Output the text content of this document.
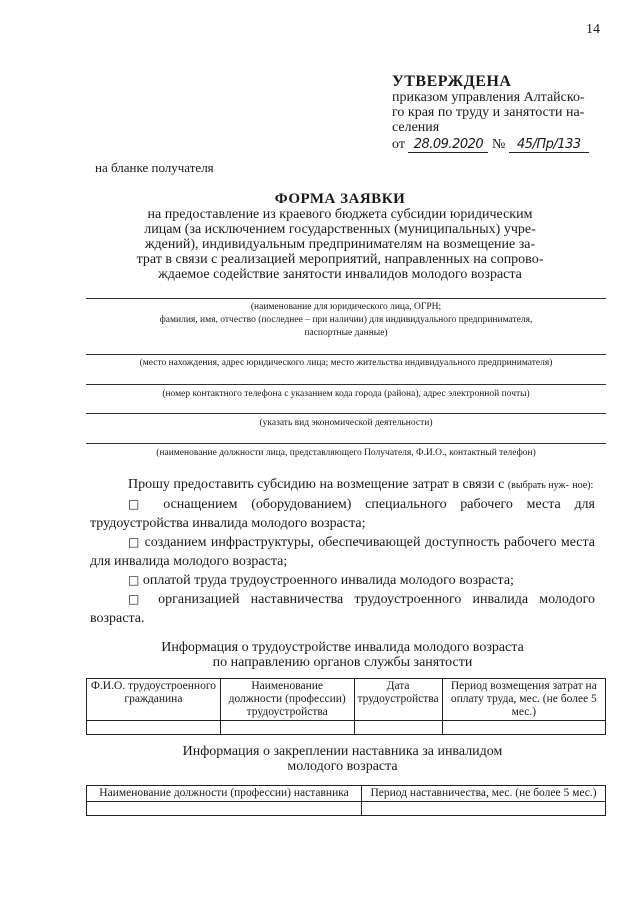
14
УТВЕРЖДЕНА
приказом управления Алтайско-
го края по труду и занятости на-
селения
от 28.09.2020 № 45/Пр/133
на бланке получателя
ФОРМА ЗАЯВКИ
на предоставление из краевого бюджета субсидии юридическим
лицам (за исключением государственных (муниципальных) учре-
ждений), индивидуальным предпринимателям на возмещение за-
трат в связи с реализацией мероприятий, направленных на сопрово-
ждаемое содействие занятости инвалидов молодого возраста
(наименование для юридического лица, ОГРН;
фамилия, имя, отчество (последнее – при наличии) для индивидуального предпринимателя,
паспортные данные)
(место нахождения, адрес юридического лица; место жительства индивидуального предпринимателя)
(номер контактного телефона с указанием кода города (района), адрес электронной почты)
(указать вид экономической деятельности)
(наименование должности лица, представляющего Получателя, Ф.И.О., контактный телефон)
Прошу предоставить субсидию на возмещение затрат в связи с (выбрать нуж- ное):
□ оснащением (оборудованием) специального рабочего места для трудоустройства инвалида молодого возраста;
□ созданием инфраструктуры, обеспечивающей доступность рабочего места для инвалида молодого возраста;
□ оплатой труда трудоустроенного инвалида молодого возраста;
□ организацией наставничества трудоустроенного инвалида молодого возраста.
Информация о трудоустройстве инвалида молодого возраста
по направлению органов службы занятости
Ф.И.О. трудоустроенного гражданина	Наименование должности (профессии) трудоустройства	Дата трудоустройства	Период возмещения затрат на оплату труда, мес. (не более 5 мес.)

Информация о закреплении наставника за инвалидом
молодого возраста
Наименование должности (профессии) наставника	Период наставничества, мес. (не более 5 мес.)
